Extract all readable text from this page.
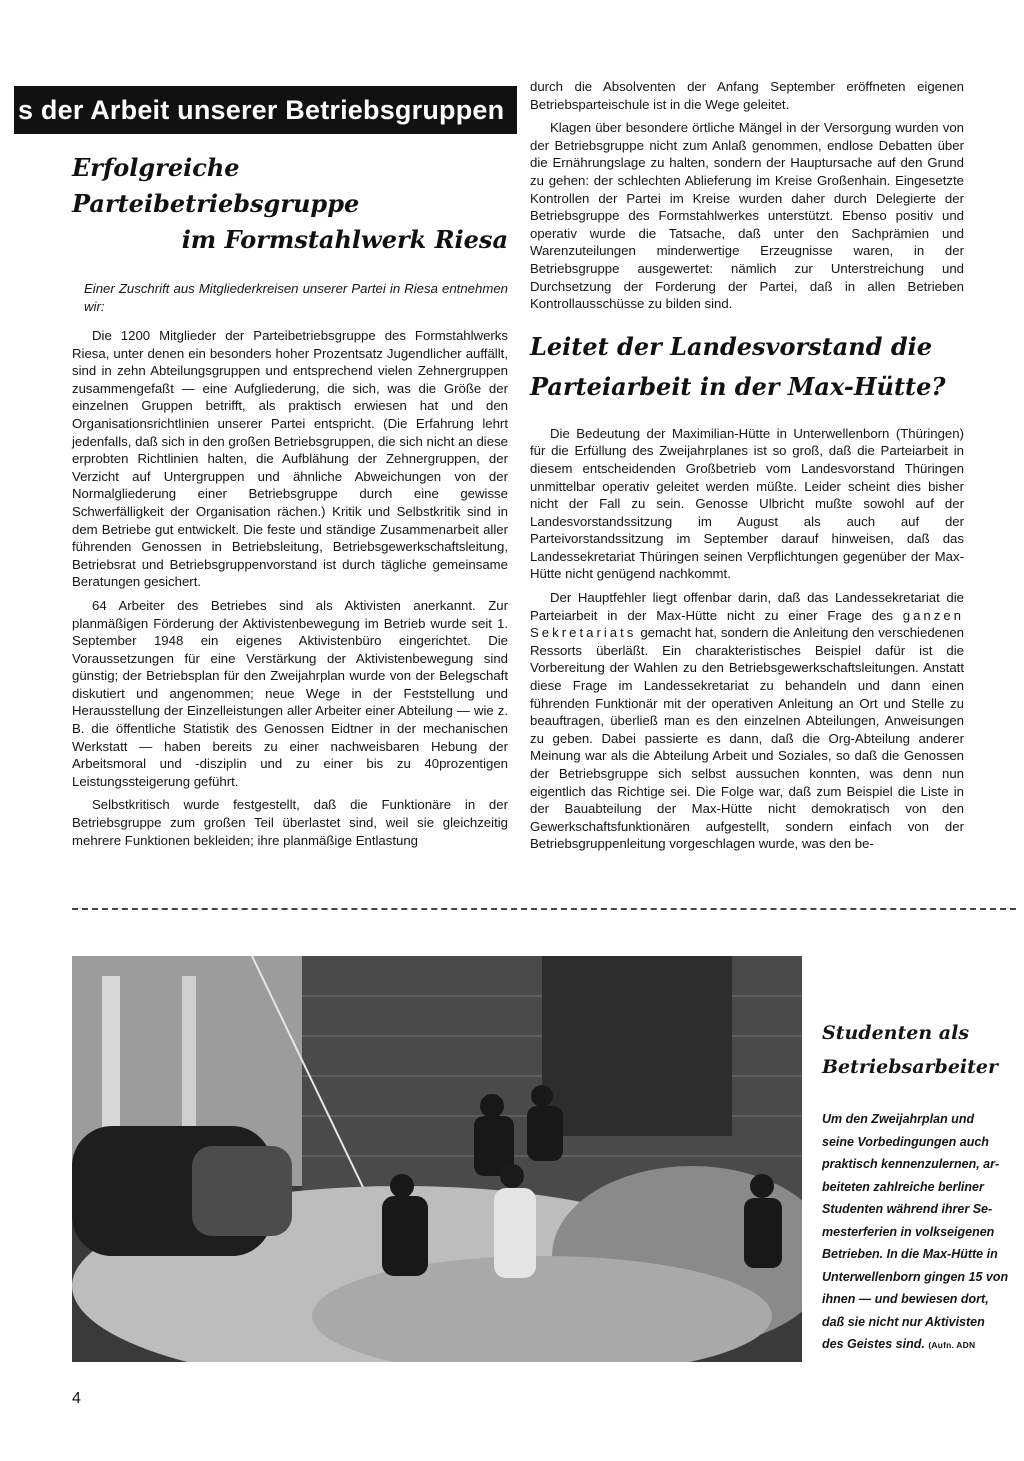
s der Arbeit unserer Betriebsgruppen
Erfolgreiche Parteibetriebsgruppe
im Formstahlwerk Riesa

Einer Zuschrift aus Mitgliederkreisen unserer Partei in Riesa entnehmen wir:

Die 1200 Mitglieder der Parteibetriebsgruppe des Formstahlwerks Riesa, unter denen ein besonders hoher Prozentsatz Jugendlicher auffällt, sind in zehn Abteilungsgruppen und entsprechend vielen Zehnergruppen zusammengefaßt — eine Aufgliederung, die sich, was die Größe der einzelnen Gruppen betrifft, als praktisch erwiesen hat und den Organisationsrichtlinien unserer Partei entspricht. (Die Erfahrung lehrt jedenfalls, daß sich in den großen Betriebsgruppen, die sich nicht an diese erprobten Richtlinien halten, die Aufblähung der Zehnergruppen, der Verzicht auf Untergruppen und ähnliche Abweichungen von der Normalgliederung einer Betriebsgruppe durch eine gewisse Schwerfälligkeit der Organisation rächen.) Kritik und Selbstkritik sind in dem Betriebe gut entwickelt. Die feste und ständige Zusammenarbeit aller führenden Genossen in Betriebsleitung, Betriebsgewerkschaftsleitung, Betriebsrat und Betriebsgruppenvorstand ist durch tägliche gemeinsame Beratungen gesichert.

64 Arbeiter des Betriebes sind als Aktivisten anerkannt. Zur planmäßigen Förderung der Aktivistenbewegung im Betrieb wurde seit 1. September 1948 ein eigenes Aktivistenbüro eingerichtet. Die Voraussetzungen für eine Verstärkung der Aktivistenbewegung sind günstig; der Betriebsplan für den Zweijahrplan wurde von der Belegschaft diskutiert und angenommen; neue Wege in der Feststellung und Herausstellung der Einzelleistungen aller Arbeiter einer Abteilung — wie z. B. die öffentliche Statistik des Genossen Eidtner in der mechanischen Werkstatt — haben bereits zu einer nachweisbaren Hebung der Arbeitsmoral und -disziplin und zu einer bis zu 40prozentigen Leistungssteigerung geführt.

Selbstkritisch wurde festgestellt, daß die Funktionäre in der Betriebsgruppe zum großen Teil überlastet sind, weil sie gleichzeitig mehrere Funktionen bekleiden; ihre planmäßige Entlastung

durch die Absolventen der Anfang September eröffneten eigenen Betriebsparteischule ist in die Wege geleitet.

Klagen über besondere örtliche Mängel in der Versorgung wurden von der Betriebsgruppe nicht zum Anlaß genommen, endlose Debatten über die Ernährungslage zu halten, sondern der Hauptursache auf den Grund zu gehen: der schlechten Ablieferung im Kreise Großenhain. Eingesetzte Kontrollen der Partei im Kreise wurden daher durch Delegierte der Betriebsgruppe des Formstahlwerkes unterstützt. Ebenso positiv und operativ wurde die Tatsache, daß unter den Sachprämien und Warenzuteilungen minderwertige Erzeugnisse waren, in der Betriebsgruppe ausgewertet: nämlich zur Unterstreichung und Durchsetzung der Forderung der Partei, daß in allen Betrieben Kontrollausschüsse zu bilden sind.

Leitet der Landesvorstand die
Parteiarbeit in der Max-Hütte?

Die Bedeutung der Maximilian-Hütte in Unterwellenborn (Thüringen) für die Erfüllung des Zweijahrplanes ist so groß, daß die Parteiarbeit in diesem entscheidenden Großbetrieb vom Landesvorstand Thüringen unmittelbar operativ geleitet werden müßte. Leider scheint dies bisher nicht der Fall zu sein. Genosse Ulbricht mußte sowohl auf der Landesvorstandssitzung im August als auch auf der Parteivorstandssitzung im September darauf hinweisen, daß das Landessekretariat Thüringen seinen Verpflichtungen gegenüber der Max-Hütte nicht genügend nachkommt.

Der Hauptfehler liegt offenbar darin, daß das Landessekretariat die Parteiarbeit in der Max-Hütte nicht zu einer Frage des ganzen Sekretariats gemacht hat, sondern die Anleitung den verschiedenen Ressorts überläßt. Ein charakteristisches Beispiel dafür ist die Vorbereitung der Wahlen zu den Betriebsgewerkschaftsleitungen. Anstatt diese Frage im Landessekretariat zu behandeln und dann einen führenden Funktionär mit der operativen Anleitung an Ort und Stelle zu beauftragen, überließ man es den einzelnen Abteilungen, Anweisungen zu geben. Dabei passierte es dann, daß die Org-Abteilung anderer Meinung war als die Abteilung Arbeit und Soziales, so daß die Genossen der Betriebsgruppe sich selbst aussuchen konnten, was denn nun eigentlich das Richtige sei. Die Folge war, daß zum Beispiel die Liste in der Bauabteilung der Max-Hütte nicht demokratisch von den Gewerkschaftsfunktionären aufgestellt, sondern einfach von der Betriebsgruppenleitung vorgeschlagen wurde, was den be-

Studenten als
Betriebsarbeiter

Um den Zweijahrplan und
seine Vorbedingungen auch
praktisch kennenzulernen, ar-
beiteten zahlreiche berliner
Studenten während ihrer Se-
mesterferien in volkseigenen
Betrieben. In die Max-Hütte in
Unterwellenborn gingen 15 von
ihnen — und bewiesen dort,
daß sie nicht nur Aktivisten
des Geistes sind. (Aufn. ADN

4
